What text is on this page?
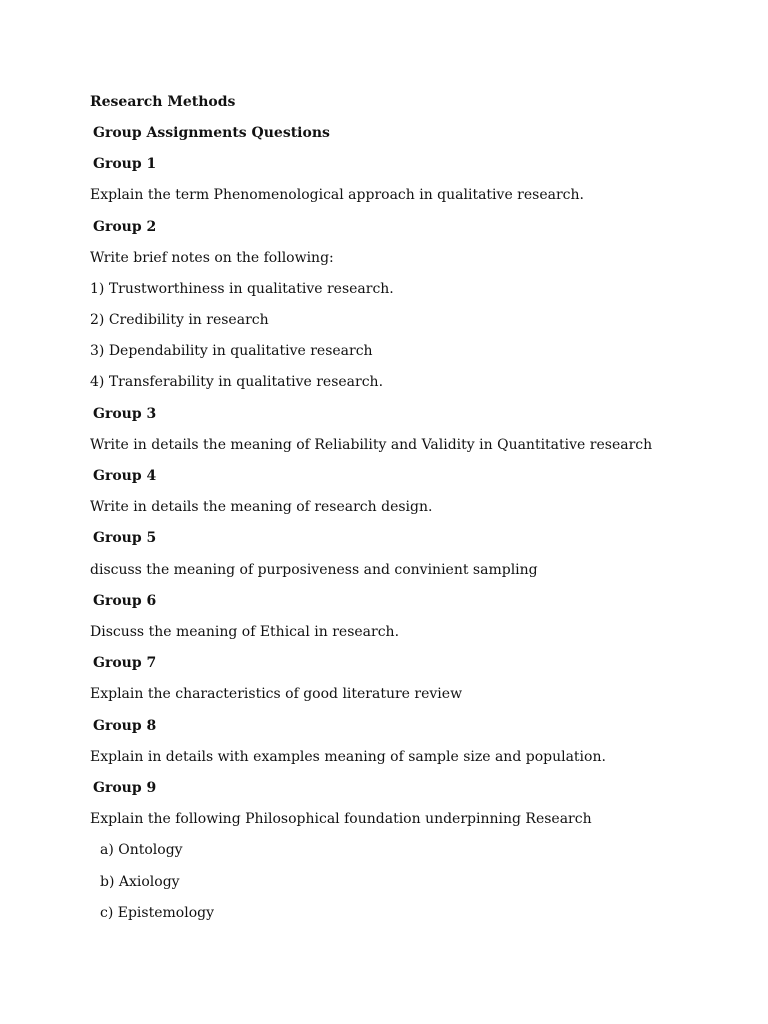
Research Methods
Group Assignments Questions
Group 1
Explain the term Phenomenological approach in qualitative research.
Group 2
Write brief notes on the following:
1) Trustworthiness in qualitative research.
2) Credibility in research
3) Dependability in qualitative research
4) Transferability in qualitative research.
Group 3
Write in details the meaning of Reliability and Validity in Quantitative research
Group 4
Write in details the meaning of research design.
Group 5
discuss the meaning of purposiveness and convinient sampling
Group 6
Discuss the meaning of Ethical in research.
Group 7
Explain the characteristics of good literature review
Group 8
Explain in details with examples meaning of sample size and population.
Group 9
Explain the following Philosophical foundation underpinning Research
a) Ontology
b) Axiology
c) Epistemology
